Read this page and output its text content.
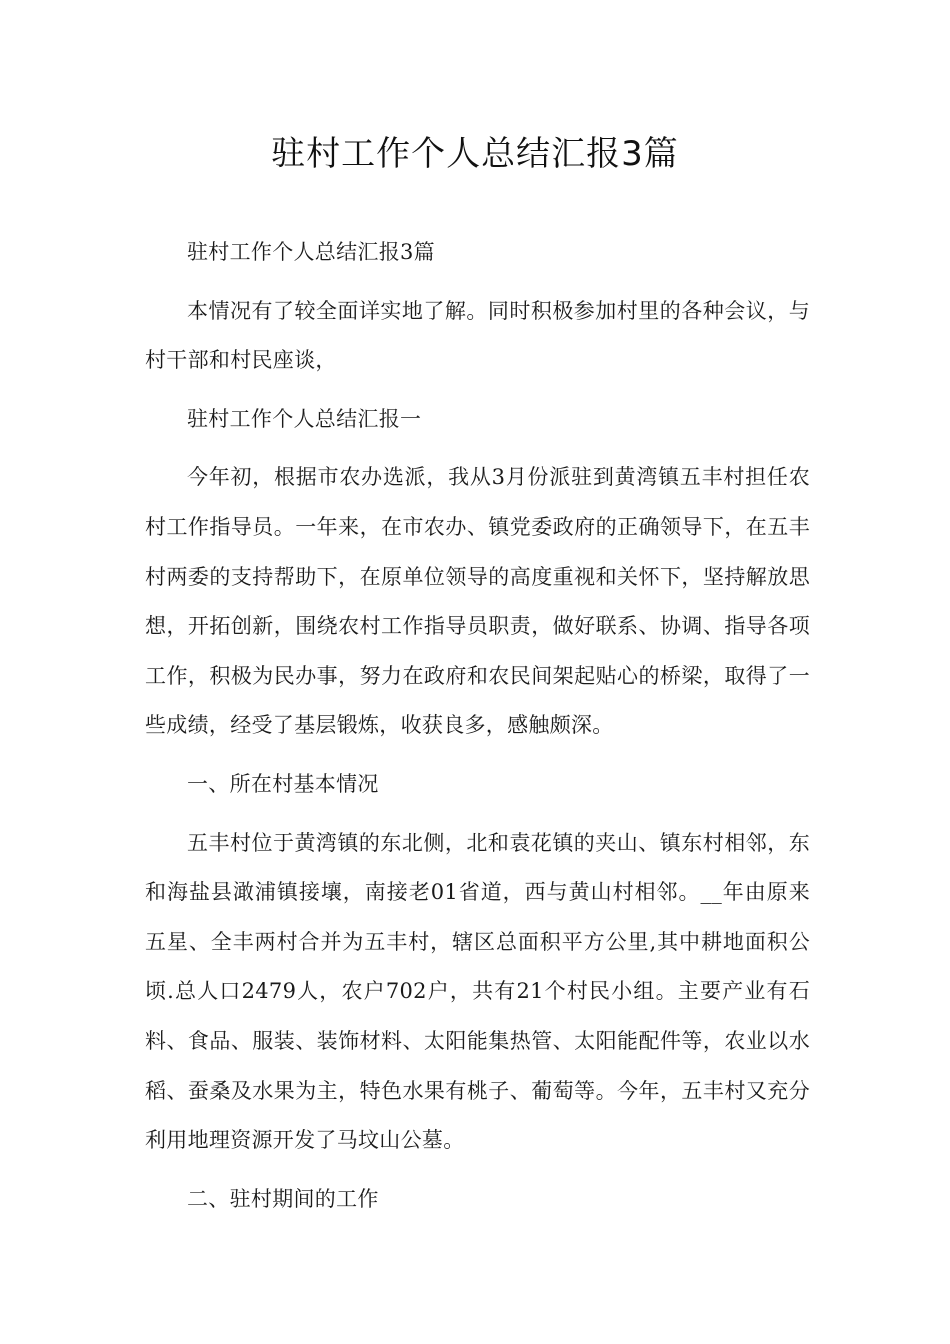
驻村工作个人总结汇报3篇

驻村工作个人总结汇报3篇

本情况有了较全面详实地了解。同时积极参加村里的各种会议，与村干部和村民座谈，

驻村工作个人总结汇报一

今年初，根据市农办选派，我从3月份派驻到黄湾镇五丰村担任农村工作指导员。一年来，在市农办、镇党委政府的正确领导下，在五丰村两委的支持帮助下，在原单位领导的高度重视和关怀下，坚持解放思想，开拓创新，围绕农村工作指导员职责，做好联系、协调、指导各项工作，积极为民办事，努力在政府和农民间架起贴心的桥梁，取得了一些成绩，经受了基层锻炼，收获良多，感触颇深。

一、所在村基本情况

五丰村位于黄湾镇的东北侧，北和袁花镇的夹山、镇东村相邻，东和海盐县澉浦镇接壤，南接老01省道，西与黄山村相邻。__年由原来五星、全丰两村合并为五丰村，辖区总面积平方公里,其中耕地面积公顷.总人口2479人，农户702户，共有21个村民小组。主要产业有石料、食品、服装、装饰材料、太阳能集热管、太阳能配件等，农业以水稻、蚕桑及水果为主，特色水果有桃子、葡萄等。今年，五丰村又充分利用地理资源开发了马坟山公墓。

二、驻村期间的工作
